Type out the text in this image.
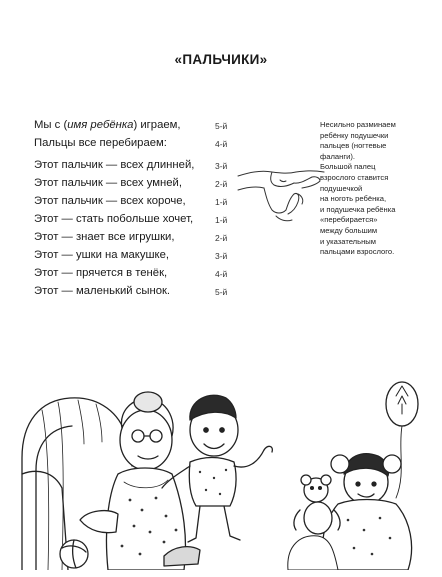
«ПАЛЬЧИКИ»
Мы с (имя ребёнка) играем,	5-й
Пальцы все перебираем:	4-й
Этот пальчик — всех длинней, 3-й
Этот пальчик — всех умней,	2-й
Этот пальчик — всех короче,	1-й
Этот — стать побольше хочет,	1-й
Этот — знает все игрушки,	2-й
Этот — ушки на макушке,	3-й
Этот — прячется в тенёк,	4-й
Этот — маленький сынок.	5-й
Несильно разминаем
ребёнку подушечки
пальцев (ногтевые
фаланги).
Большой палец
взрослого ставится
подушечкой
на ноготь ребёнка,
и подушечка ребёнка
«перебирается»
между большим
и указательным
пальцами взрослого.
